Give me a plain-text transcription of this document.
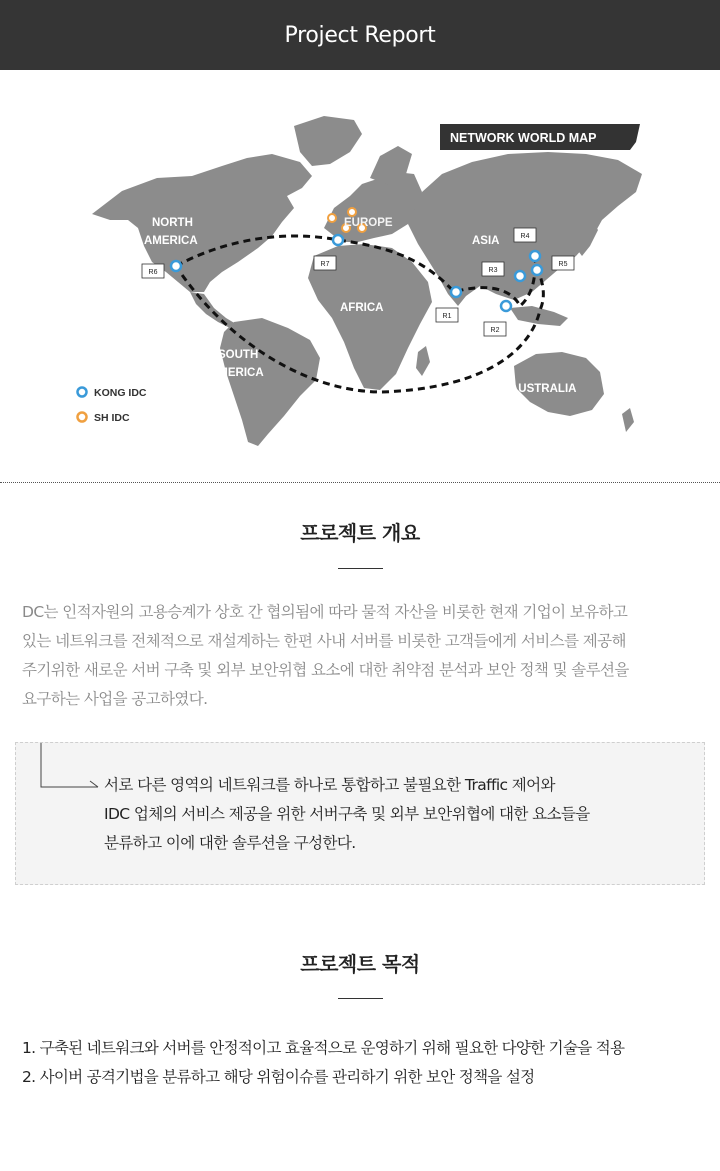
Project Report
R6
R7
R1
R2
R3
R4
R5
NORTH
AMERICA
EUROPE
ASIA
AFRICA
SOUTH
AMERICA
AUSTRALIA
NETWORK WORLD MAP
KONG IDC
SH IDC
프로젝트 개요
DC는 인적자원의 고용승계가 상호 간 협의됨에 따라 물적 자산을 비롯한 현재 기업이 보유하고
있는 네트워크를 전체적으로 재설계하는 한편 사내 서버를 비롯한 고객들에게 서비스를 제공해
주기위한 새로운 서버 구축 및 외부 보안위협 요소에 대한 취약점 분석과 보안 정책 및 솔루션을
요구하는 사업을 공고하였다.
서로 다른 영역의 네트워크를 하나로 통합하고 불필요한 Traffic 제어와
IDC 업체의 서비스 제공을 위한 서버구축 및 외부 보안위협에 대한 요소들을
분류하고 이에 대한 솔루션을 구성한다.
프로젝트 목적
1. 구축된 네트워크와 서버를 안정적이고 효율적으로 운영하기 위해 필요한 다양한 기술을 적용
2. 사이버 공격기법을 분류하고 해당 위험이슈를 관리하기 위한 보안 정책을 설정
